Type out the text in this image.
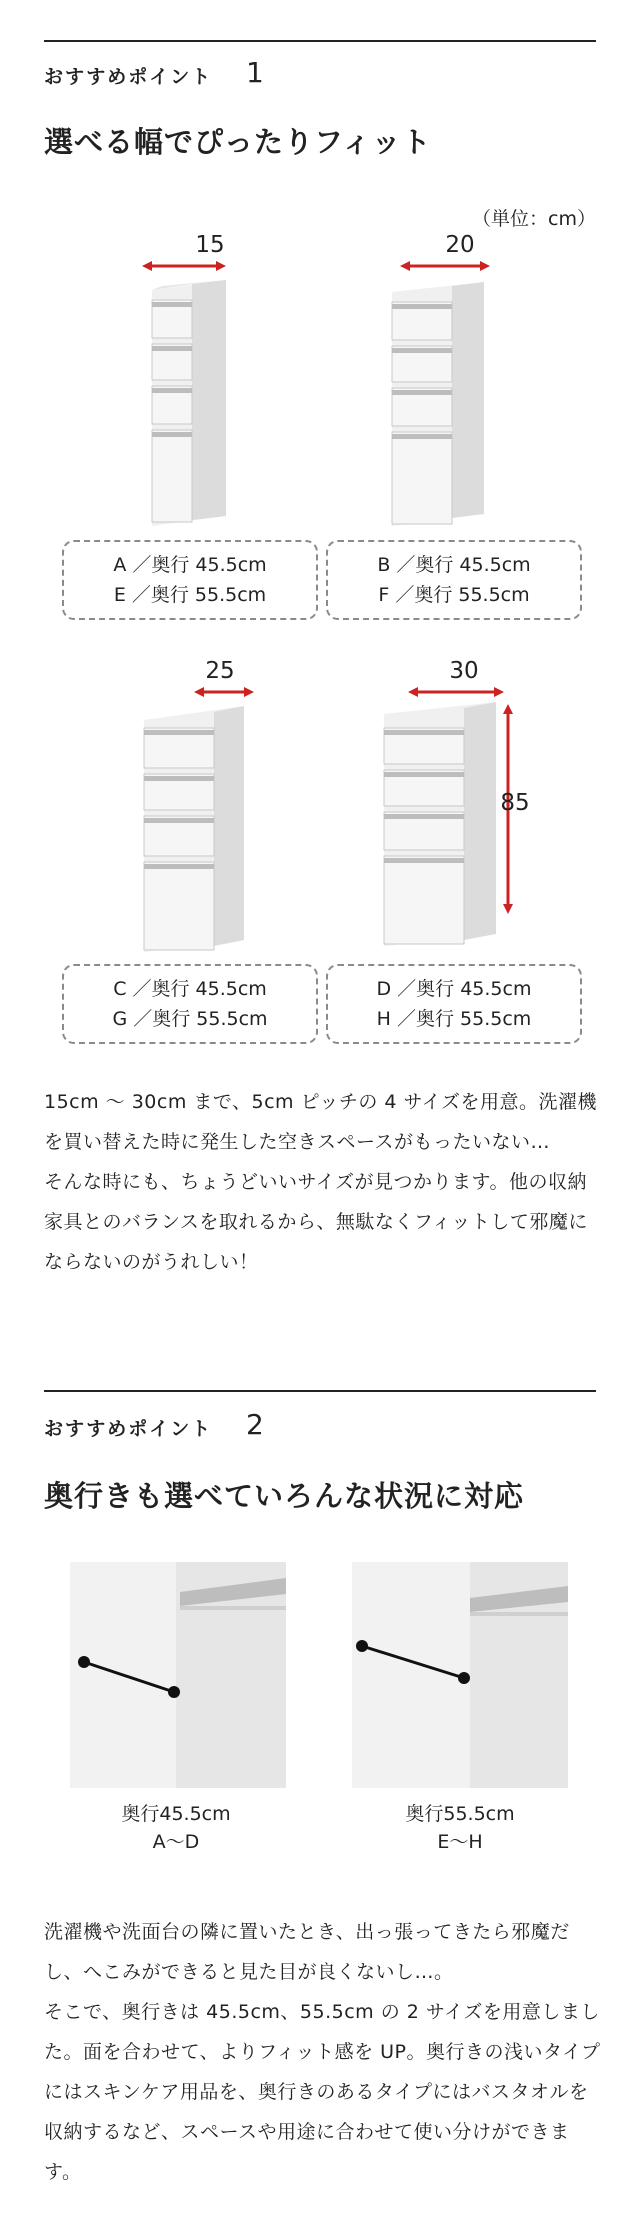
おすすめポイント 1
選べる幅でぴったりフィット
（単位：cm）
15	20
A ／奥行 45.5cm
E ／奥行 55.5cm
B ／奥行 45.5cm
F ／奥行 55.5cm
25	30
85
C ／奥行 45.5cm
G ／奥行 55.5cm
D ／奥行 45.5cm
H ／奥行 55.5cm

15cm 〜 30cm まで、5cm ピッチの 4 サイズを用意。洗濯機を買い替えた時に発生した空きスペースがもったいない…

そんな時にも、ちょうどいいサイズが見つかります。他の収納家具とのバランスを取れるから、無駄なくフィットして邪魔にならないのがうれしい！

おすすめポイント 2
奥行きも選べていろんな状況に対応
奥行45.5cm
A〜D
奥行55.5cm
E〜H

洗濯機や洗面台の隣に置いたとき、出っ張ってきたら邪魔だし、へこみができると見た目が良くないし…。

そこで、奥行きは 45.5cm、55.5cm の 2 サイズを用意しました。面を合わせて、よりフィット感を UP。奥行きの浅いタイプにはスキンケア用品を、奥行きのあるタイプにはバスタオルを収納するなど、スペースや用途に合わせて使い分けができます。
